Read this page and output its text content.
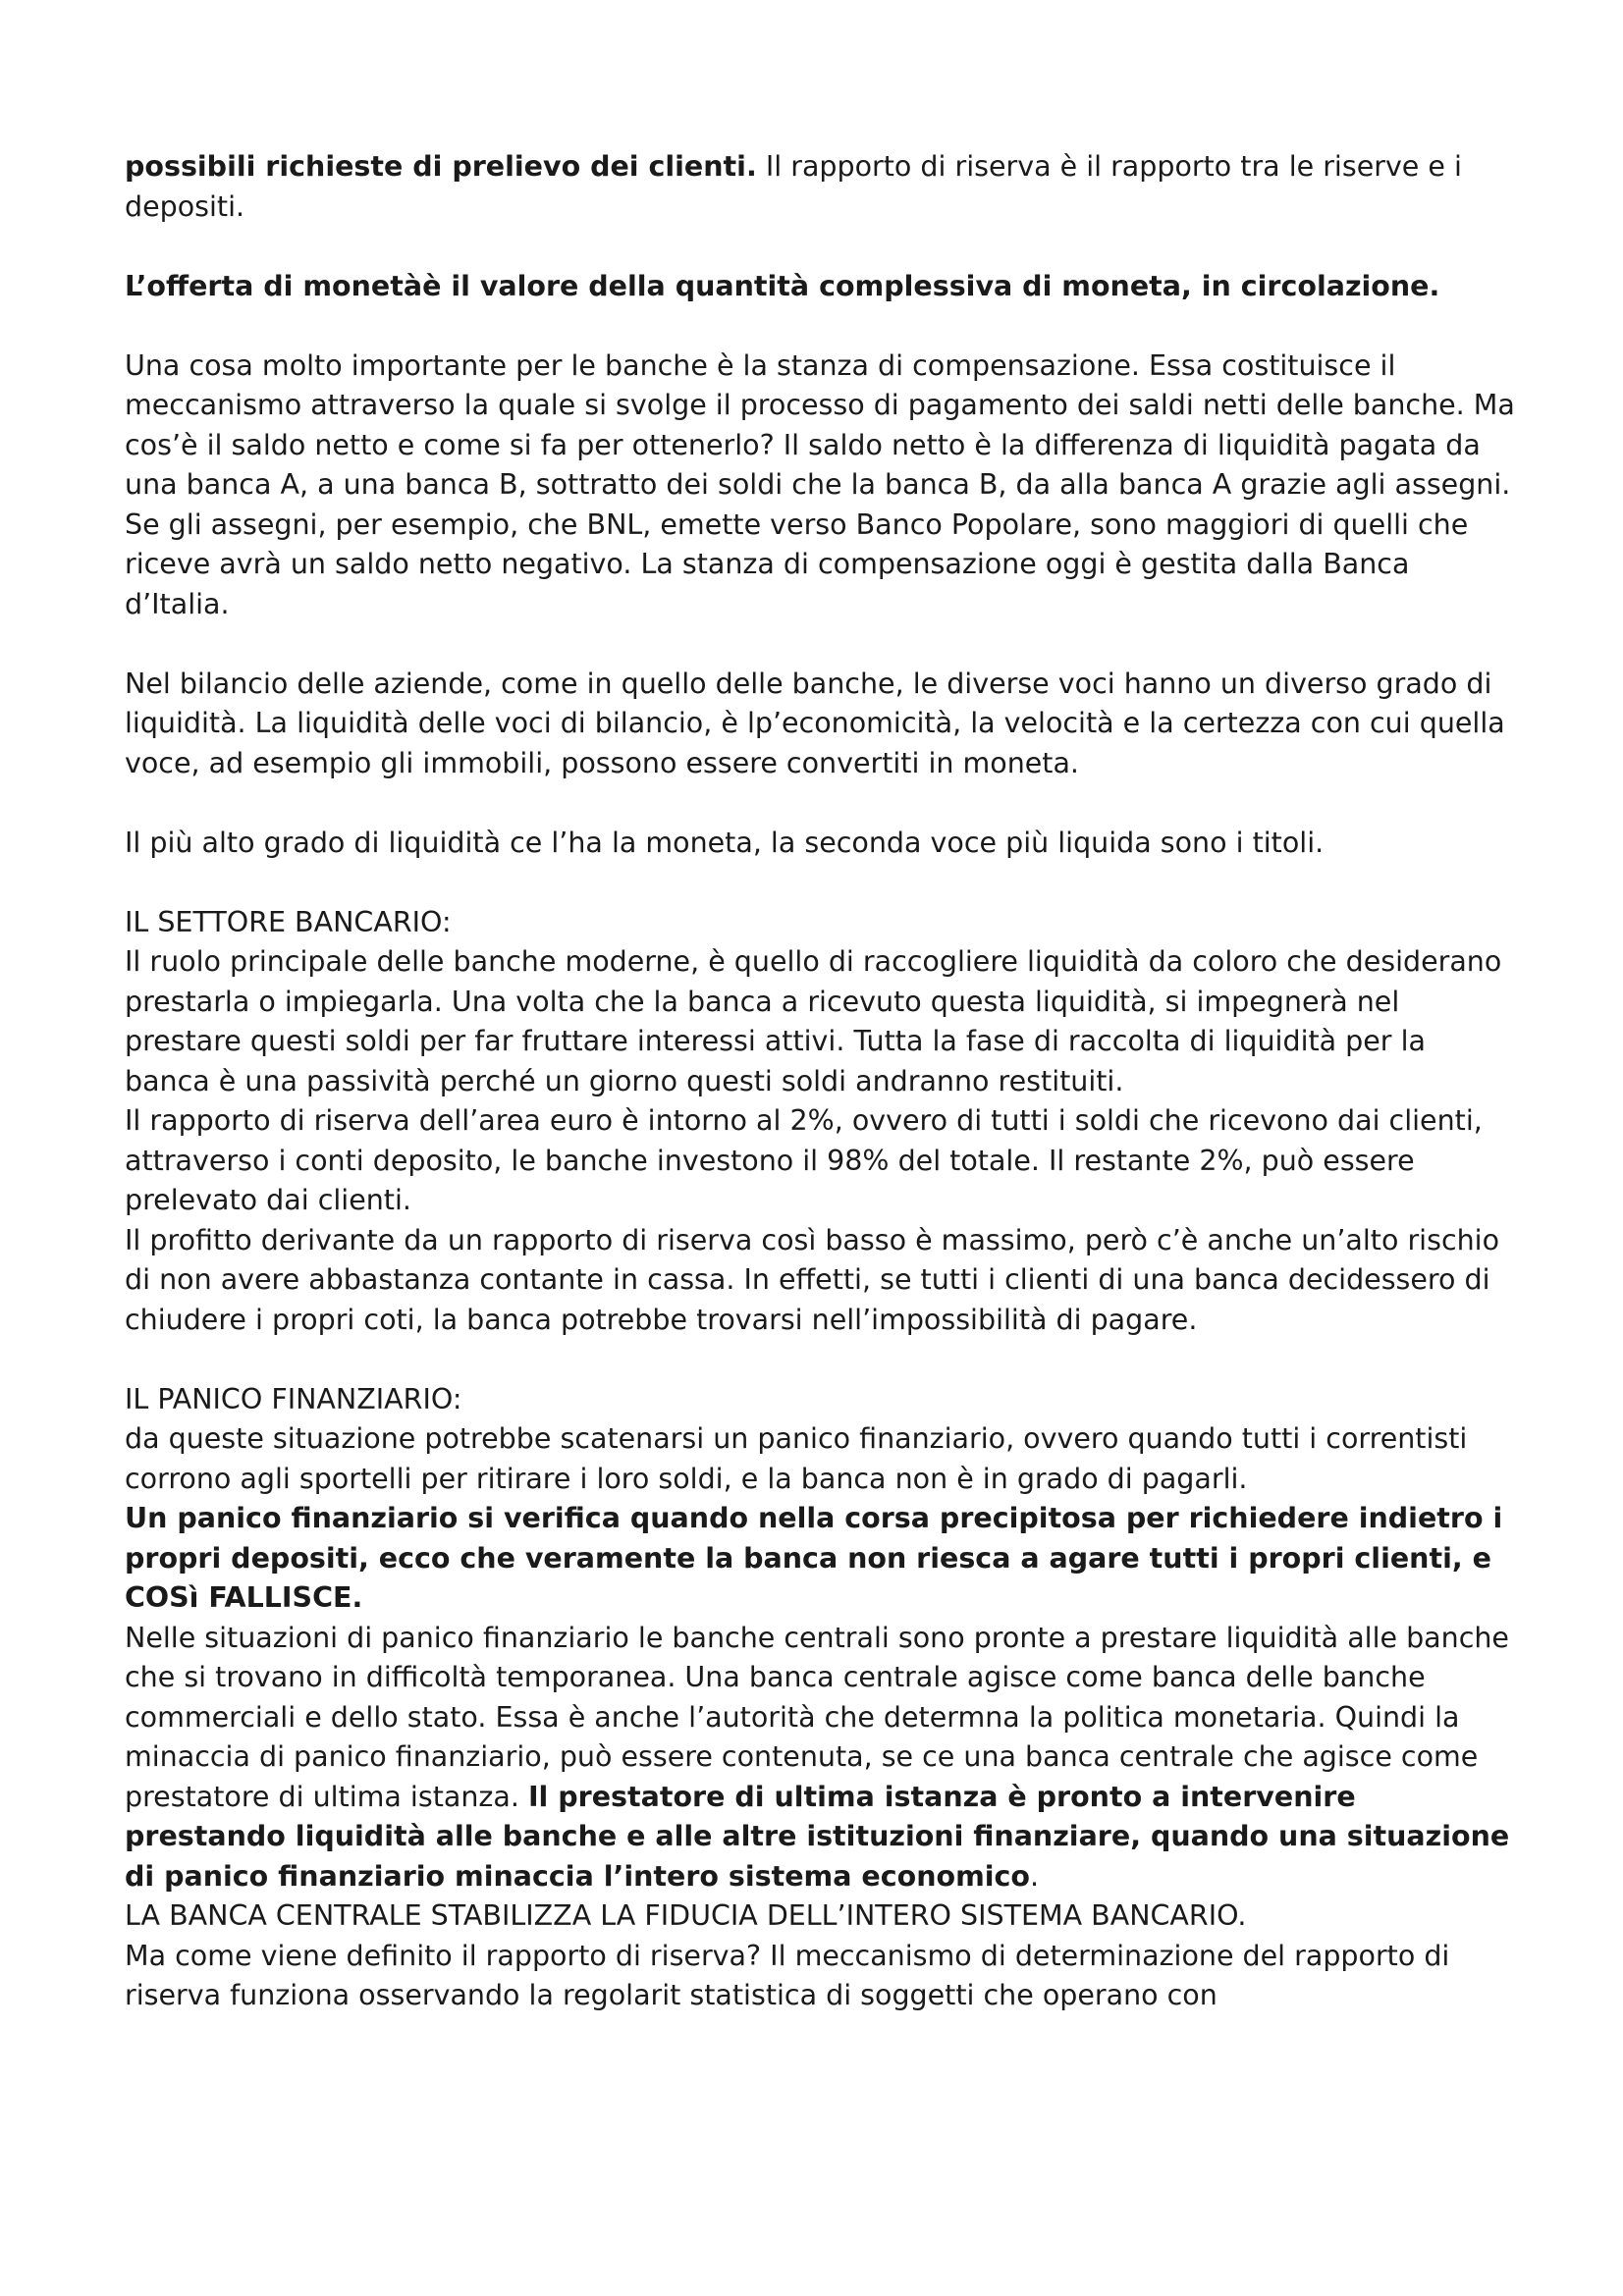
possibili richieste di prelievo dei clienti. Il rapporto di riserva è il rapporto tra le riserve e i depositi.

L’offerta di monetàè il valore della quantità complessiva di moneta, in circolazione.

Una cosa molto importante per le banche è la stanza di compensazione. Essa costituisce il meccanismo attraverso la quale si svolge il processo di pagamento dei saldi netti delle banche. Ma cos’è il saldo netto e come si fa per ottenerlo? Il saldo netto è la differenza di liquidità pagata da una banca A, a una banca B, sottratto dei soldi che la banca B, da alla banca A grazie agli assegni. Se gli assegni, per esempio, che BNL, emette verso Banco Popolare, sono maggiori di quelli che riceve avrà un saldo netto negativo. La stanza di compensazione oggi è gestita dalla Banca d’Italia.

Nel bilancio delle aziende, come in quello delle banche, le diverse voci hanno un diverso grado di liquidità. La liquidità delle voci di bilancio, è lp’economicità, la velocità e la certezza con cui quella voce, ad esempio gli immobili, possono essere convertiti in moneta.

Il più alto grado di liquidità ce l’ha la moneta, la seconda voce più liquida sono i titoli.

IL SETTORE BANCARIO:

Il ruolo principale delle banche moderne, è quello di raccogliere liquidità da coloro che desiderano prestarla o impiegarla. Una volta che la banca a ricevuto questa liquidità, si impegnerà nel prestare questi soldi per far fruttare interessi attivi. Tutta la fase di raccolta di liquidità per la banca è una passività perché un giorno questi soldi andranno restituiti.

Il rapporto di riserva dell’area euro è intorno al 2%, ovvero di tutti i soldi che ricevono dai clienti, attraverso i conti deposito, le banche investono il 98% del totale. Il restante 2%, può essere prelevato dai clienti.

Il profitto derivante da un rapporto di riserva così basso è massimo, però c’è anche un’alto rischio di non avere abbastanza contante in cassa. In effetti, se tutti i clienti di una banca decidessero di chiudere i propri coti, la banca potrebbe trovarsi nell’impossibilità di pagare.

IL PANICO FINANZIARIO:

da queste situazione potrebbe scatenarsi un panico finanziario, ovvero quando tutti i correntisti corrono agli sportelli per ritirare i loro soldi, e la banca non è in grado di pagarli.

Un panico finanziario si verifica quando nella corsa precipitosa per richiedere indietro i propri depositi, ecco che veramente la banca non riesca a agare tutti i propri clienti, e COSì FALLISCE.

Nelle situazioni di panico finanziario le banche centrali sono pronte a prestare liquidità alle banche che si trovano in difficoltà temporanea. Una banca centrale agisce come banca delle banche commerciali e dello stato. Essa è anche l’autorità che determna la politica monetaria. Quindi la minaccia di panico finanziario, può essere contenuta, se ce una banca centrale che agisce come prestatore di ultima istanza. Il prestatore di ultima istanza è pronto a intervenire prestando liquidità alle banche e alle altre istituzioni finanziare, quando una situazione di panico finanziario minaccia l’intero sistema economico.

LA BANCA CENTRALE STABILIZZA LA FIDUCIA DELL’INTERO SISTEMA BANCARIO.

Ma come viene definito il rapporto di riserva? Il meccanismo di determinazione del rapporto di riserva funziona osservando la regolarit statistica di soggetti che operano con
